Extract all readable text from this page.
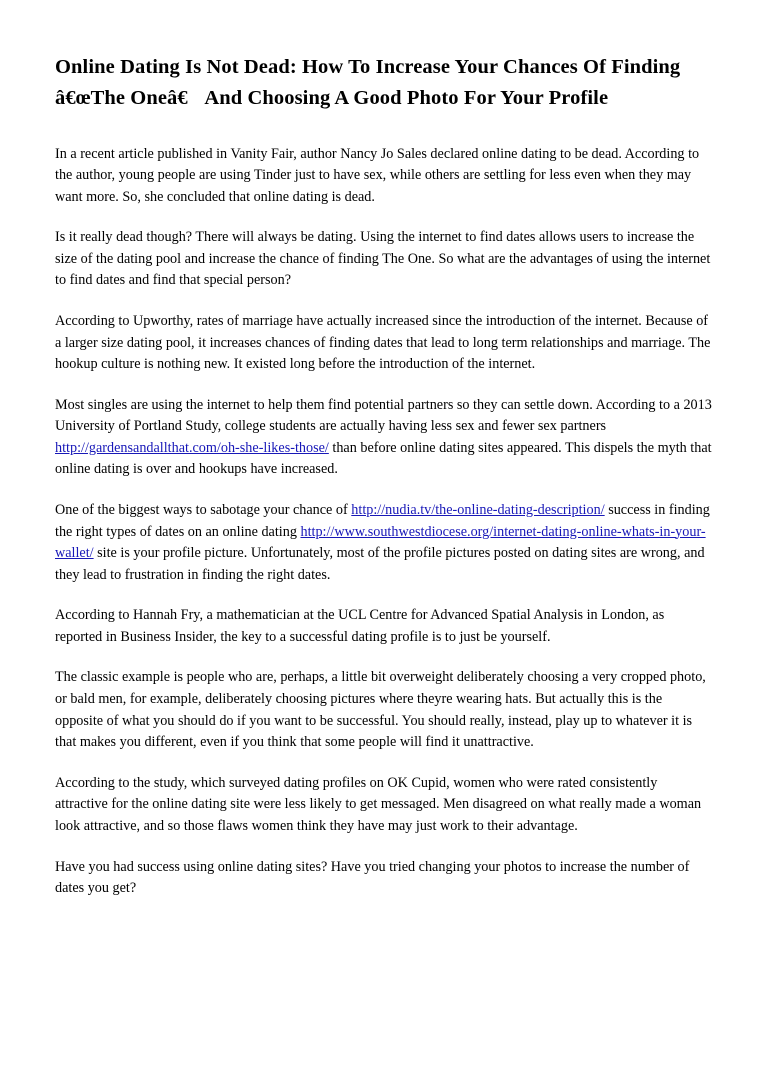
Online Dating Is Not Dead: How To Increase Your Chances Of Finding â€œThe Oneâ€ And Choosing A Good Photo For Your Profile

In a recent article published in Vanity Fair, author Nancy Jo Sales declared online dating to be dead. According to the author, young people are using Tinder just to have sex, while others are settling for less even when they may want more. So, she concluded that online dating is dead.

Is it really dead though? There will always be dating. Using the internet to find dates allows users to increase the size of the dating pool and increase the chance of finding The One. So what are the advantages of using the internet to find dates and find that special person?

According to Upworthy, rates of marriage have actually increased since the introduction of the internet. Because of a larger size dating pool, it increases chances of finding dates that lead to long term relationships and marriage. The hookup culture is nothing new. It existed long before the introduction of the internet.

Most singles are using the internet to help them find potential partners so they can settle down. According to a 2013 University of Portland Study, college students are actually having less sex and fewer sex partners http://gardensandallthat.com/oh-she-likes-those/ than before online dating sites appeared. This dispels the myth that online dating is over and hookups have increased.

One of the biggest ways to sabotage your chance of http://nudia.tv/the-online-dating-description/ success in finding the right types of dates on an online dating http://www.southwestdiocese.org/internet-dating-online-whats-in-your-wallet/ site is your profile picture. Unfortunately, most of the profile pictures posted on dating sites are wrong, and they lead to frustration in finding the right dates.

According to Hannah Fry, a mathematician at the UCL Centre for Advanced Spatial Analysis in London, as reported in Business Insider, the key to a successful dating profile is to just be yourself.

The classic example is people who are, perhaps, a little bit overweight deliberately choosing a very cropped photo, or bald men, for example, deliberately choosing pictures where theyre wearing hats. But actually this is the opposite of what you should do if you want to be successful. You should really, instead, play up to whatever it is that makes you different, even if you think that some people will find it unattractive.

According to the study, which surveyed dating profiles on OK Cupid, women who were rated consistently attractive for the online dating site were less likely to get messaged. Men disagreed on what really made a woman look attractive, and so those flaws women think they have may just work to their advantage.

Have you had success using online dating sites? Have you tried changing your photos to increase the number of dates you get?
